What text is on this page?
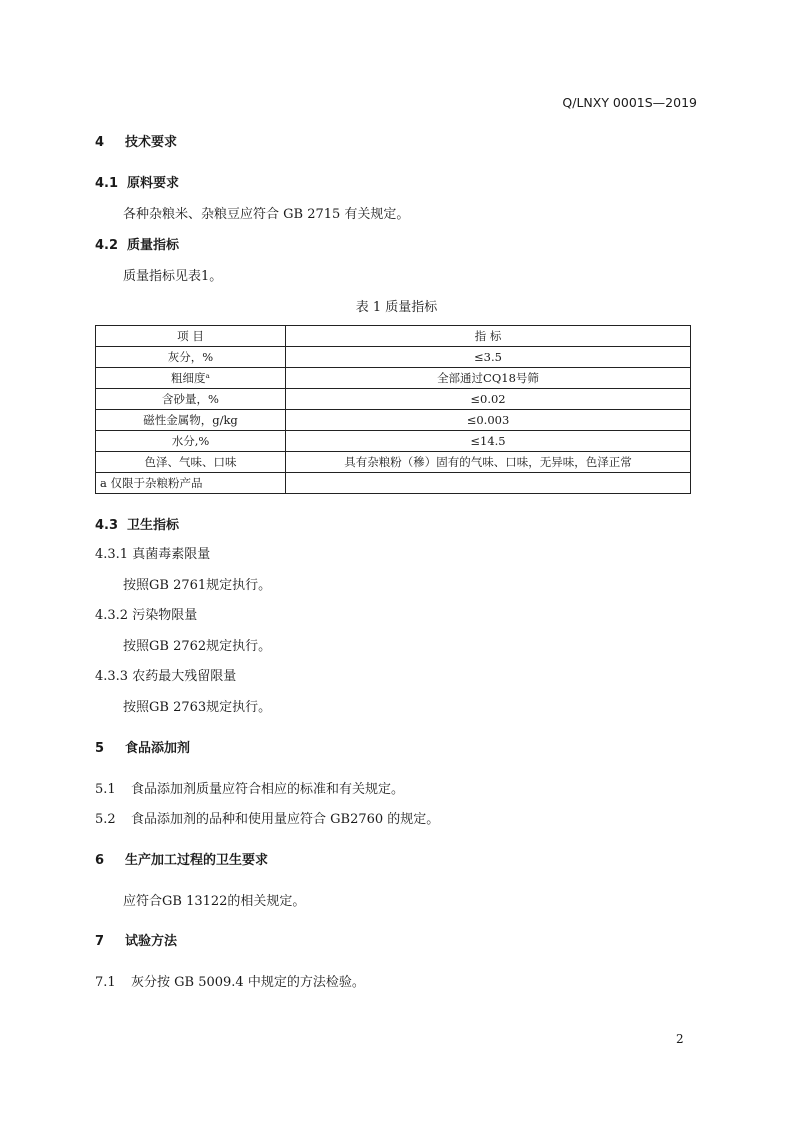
Q/LNXY 0001S—2019
4 技术要求
4.1 原料要求
各种杂粮米、杂粮豆应符合 GB 2715 有关规定。
4.2 质量指标
质量指标见表1。
表 1 质量指标
项 目	指 标
灰分，%	≤3.5
粗细度ᵃ	全部通过CQ18号筛
含砂量，%	≤0.02
磁性金属物，g/kg	≤0.003
水分,%	≤14.5
色泽、气味、口味	具有杂粮粉（穇）固有的气味、口味，无异味，色泽正常
a 仅限于杂粮粉产品	
4.3 卫生指标
4.3.1 真菌毒素限量
按照GB 2761规定执行。
4.3.2 污染物限量
按照GB 2762规定执行。
4.3.3 农药最大残留限量
按照GB 2763规定执行。
5 食品添加剂
5.1 食品添加剂质量应符合相应的标准和有关规定。
5.2 食品添加剂的品种和使用量应符合 GB2760 的规定。
6 生产加工过程的卫生要求
应符合GB 13122的相关规定。
7 试验方法
7.1 灰分按 GB 5009.4 中规定的方法检验。
2
